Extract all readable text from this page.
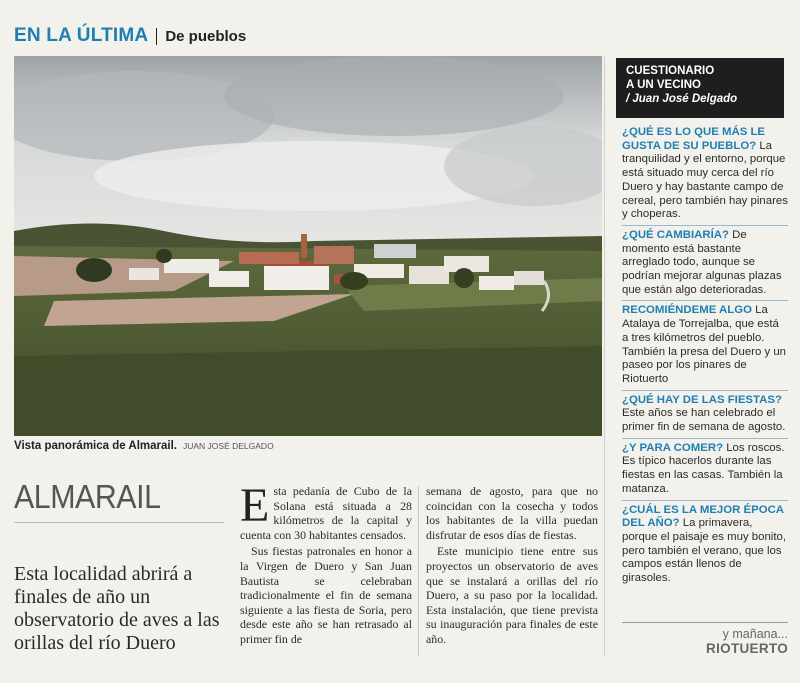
EN LA ÚLTIMA De pueblos
Vista panorámica de Almarail. JUAN JOSÉ DELGADO
ALMARAIL
Esta localidad abrirá a finales de año un observatorio de aves a las orillas del río Duero

Esta pedanía de Cubo de la Solana está situada a 28 kilómetros de la capital y cuenta con 30 habitantes censados.

Sus fiestas patronales en honor a la Virgen de Duero y San Juan Bautista se celebraban tradicionalmente el fin de semana siguiente a las fiesta de Soria, pero desde este año se han retrasado al primer fin de

semana de agosto, para que no coincidan con la cosecha y todos los habitantes de la villa puedan disfrutar de esos días de fiestas.

Este municipio tiene entre sus proyectos un observatorio de aves que se instalará a orillas del río Duero, a su paso por la localidad. Esta instalación, que tiene prevista su inauguración para finales de este año.

CUESTIONARIO
A UN VECINO
/ Juan José Delgado
¿QUÉ ES LO QUE MÁS LE GUSTA DE SU PUEBLO? La tranquilidad y el entorno, porque está situado muy cerca del río Duero y hay bastante campo de cereal, pero también hay pinares y choperas.
¿QUÉ CAMBIARÍA? De momento está bastante arreglado todo, aunque se podrían mejorar algunas plazas que están algo deterioradas.
RECOMIÉNDEME ALGO La Atalaya de Torrejalba, que está a tres kilómetros del pueblo. También la presa del Duero y un paseo por los pinares de Riotuerto
¿QUÉ HAY DE LAS FIESTAS? Este años se han celebrado el primer fin de semana de agosto.
¿Y PARA COMER? Los roscos. Es típico hacerlos durante las fiestas en las casas. También la matanza.
¿CUÁL ES LA MEJOR ÉPOCA DEL AÑO? La primavera, porque el paisaje es muy bonito, pero también el verano, que los campos están llenos de girasoles.
y mañana...
RIOTUERTO
